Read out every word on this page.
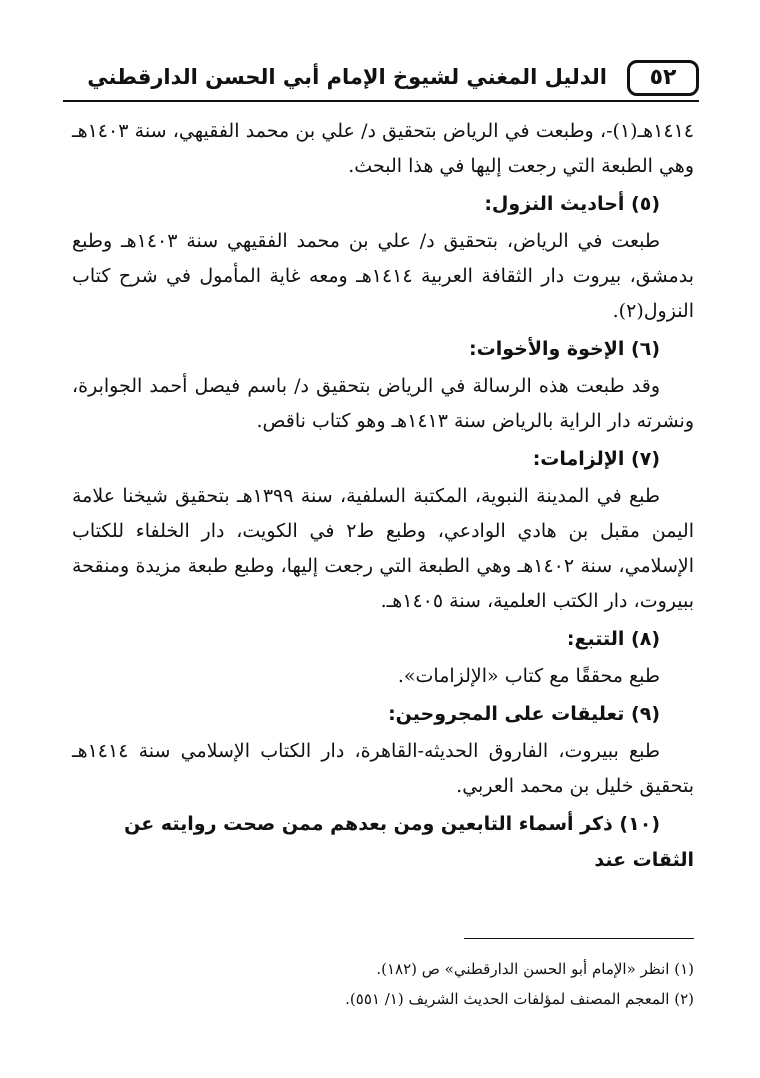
٥٢
الدليل المغني لشيوخ الإمام أبي الحسن الدارقطني

١٤١٤هـ(١)-، وطبعت في الرياض بتحقيق د/ علي بن محمد الفقيهي، سنة ١٤٠٣هـ وهي الطبعة التي رجعت إليها في هذا البحث.

(٥) أحاديث النزول:

طبعت في الرياض، بتحقيق د/ علي بن محمد الفقيهي سنة ١٤٠٣هـ وطبع بدمشق، بيروت دار الثقافة العربية ١٤١٤هـ ومعه غاية المأمول في شرح كتاب النزول(٢).

(٦) الإخوة والأخوات:

وقد طبعت هذه الرسالة في الرياض بتحقيق د/ باسم فيصل أحمد الجوابرة، ونشرته دار الراية بالرياض سنة ١٤١٣هـ وهو كتاب ناقص.

(٧) الإلزامات:

طبع في المدينة النبوية، المكتبة السلفية، سنة ١٣٩٩هـ بتحقيق شيخنا علامة اليمن مقبل بن هادي الوادعي، وطبع ط٢ في الكويت، دار الخلفاء للكتاب الإسلامي، سنة ١٤٠٢هـ وهي الطبعة التي رجعت إليها، وطبع طبعة مزيدة ومنقحة ببيروت، دار الكتب العلمية، سنة ١٤٠٥هـ.

(٨) التتبع:

طبع محققًا مع كتاب «الإلزامات».

(٩) تعليقات على المجروحين:

طبع ببيروت، الفاروق الحديثه-القاهرة، دار الكتاب الإسلامي سنة ١٤١٤هـ بتحقيق خليل بن محمد العربي.

(١٠) ذكر أسماء التابعين ومن بعدهم ممن صحت روايته عن الثقات عند

(١) انظر «الإمام أبو الحسن الدارقطني» ص (١٨٢).

(٢) المعجم المصنف لمؤلفات الحديث الشريف (١/ ٥٥١).
